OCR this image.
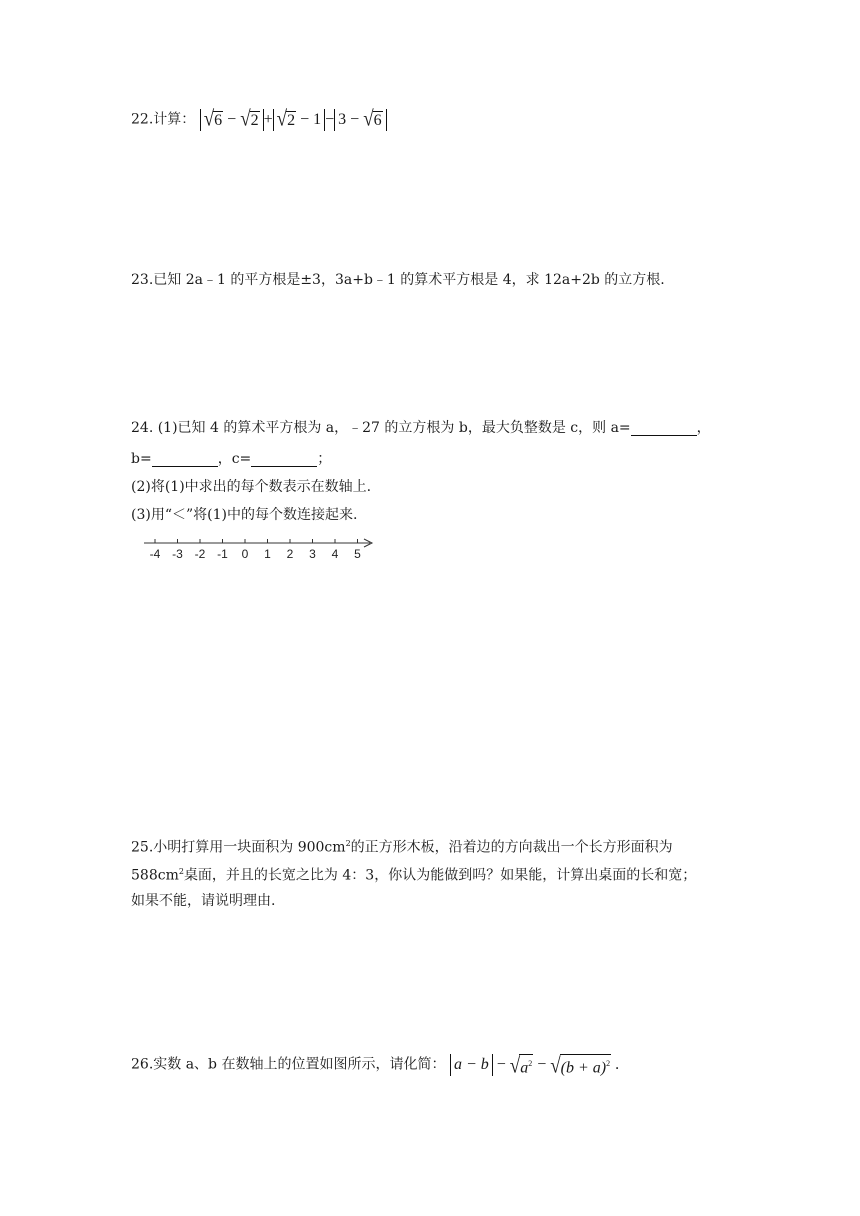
22.计算： √6 − √2 + √2 − 1 − 3 − √6
23.已知 2a﹣1 的平方根是±3，3a+b﹣1 的算术平方根是 4，求 12a+2b 的立方根.
24. (1)已知 4 的算术平方根为 a，﹣27 的立方根为 b，最大负整数是 c，则 a=	，
b=	，c=	；
(2)将(1)中求出的每个数表示在数轴上.
(3)用“＜”将(1)中的每个数连接起来.
-4 -3 -2 -1 0 1 2 3 4 5
25.小明打算用一块面积为 $900cm^2$的正方形木板，沿着边的方向裁出一个长方形面积为
$588cm^2$桌面，并且的长宽之比为 4：3，你认为能做到吗？如果能，计算出桌面的长和宽；
如果不能，请说明理由.
26.实数 a、b 在数轴上的位置如图所示，请化简： $a - b - √a^2 - √(b + a)^2$ .
